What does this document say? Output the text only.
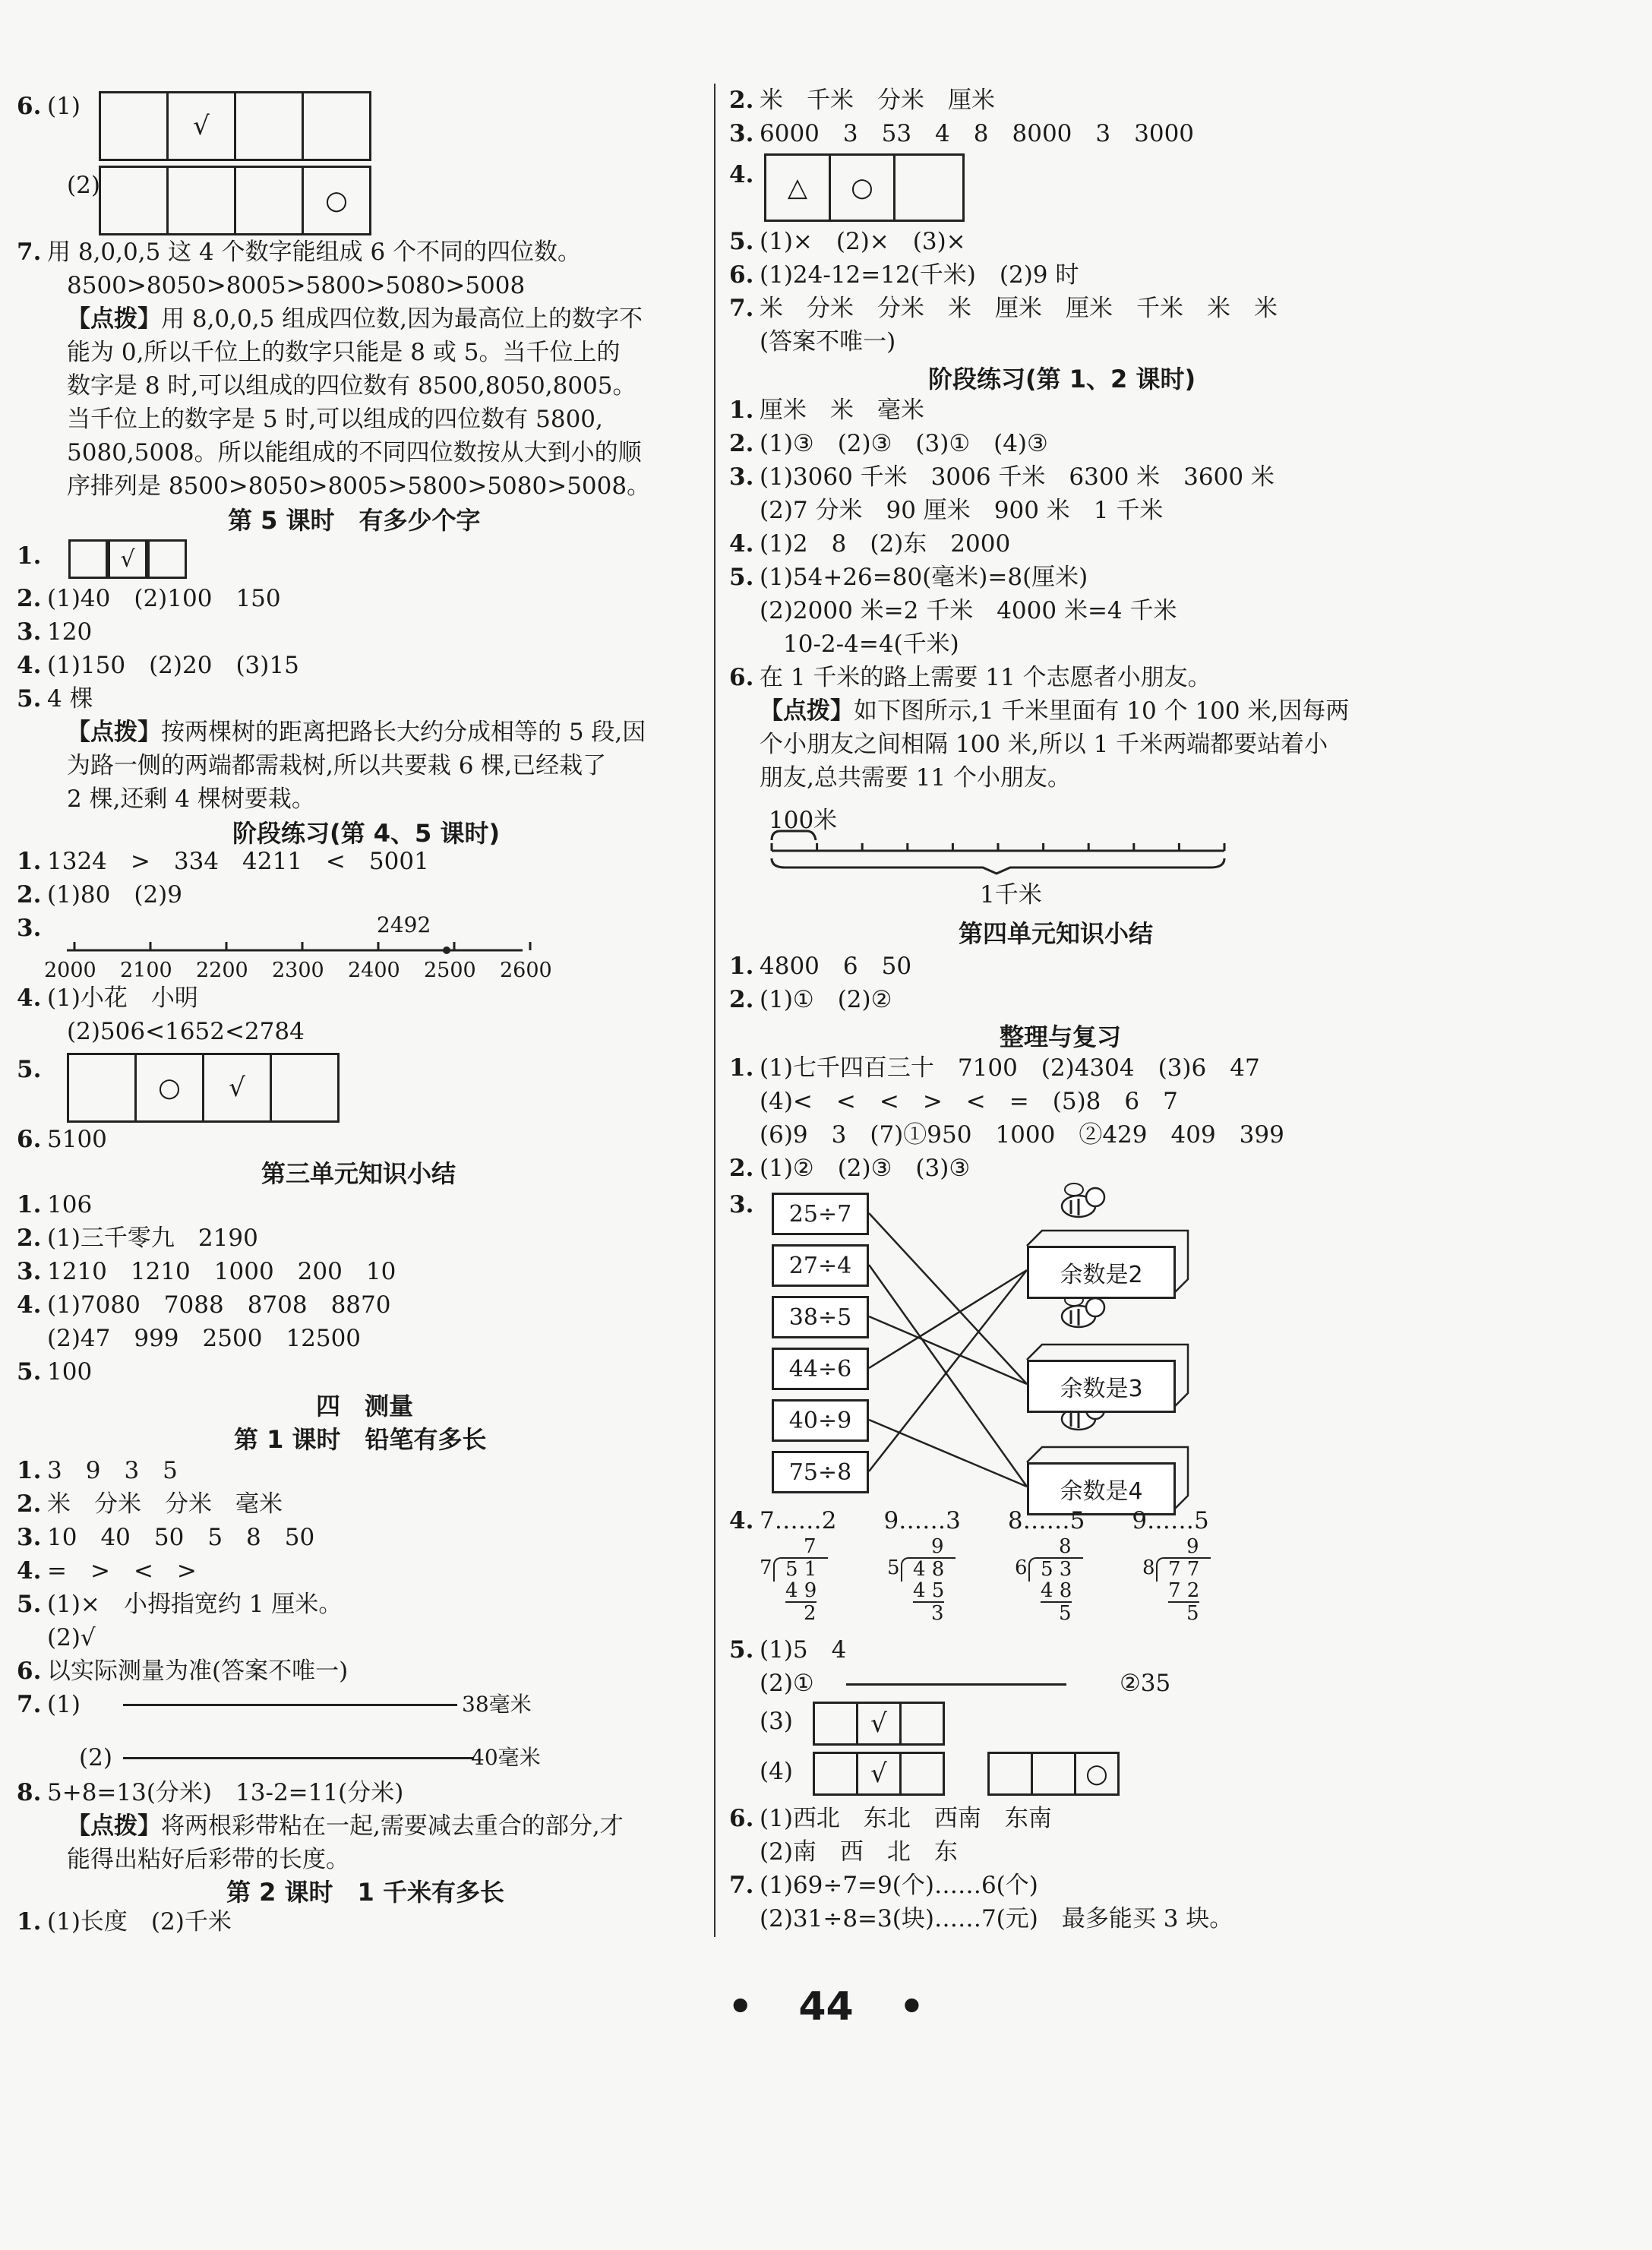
6. (1)
√
(2)	○
7. 用 8,0,0,5 这 4 个数字能组成 6 个不同的四位数。
8500>8050>8005>5800>5080>5008
【点拨】用 8,0,0,5 组成四位数,因为最高位上的数字不
能为 0,所以千位上的数字只能是 8 或 5。当千位上的
数字是 8 时,可以组成的四位数有 8500,8050,8005。
当千位上的数字是 5 时,可以组成的四位数有 5800,
5080,5008。所以能组成的不同四位数按从大到小的顺
序排列是 8500>8050>8005>5800>5080>5008。
第 5 课时　有多少个字
1.	√
2. (1)40　(2)100　150
3. 120
4. (1)150　(2)20　(3)15
5. 4 棵
【点拨】按两棵树的距离把路长大约分成相等的 5 段,因
为路一侧的两端都需栽树,所以共要栽 6 棵,已经栽了
2 棵,还剩 4 棵树要栽。
阶段练习(第 4、5 课时)
1. 1324　>　334　4211　<　5001
2. (1)80　(2)9
3.	2492
2000 2100 2200 2300 2400 2500 2600
4. (1)小花　小明
(2)506<1652<2784
5.
○	√
6. 5100
第三单元知识小结
1. 106
2. (1)三千零九　2190
3. 1210　1210　1000　200　10
4. (1)7080　7088　8708　8870
(2)47　999　2500　12500
5. 100
四　测量
第 1 课时　铅笔有多长
1. 3　9　3　5
2. 米　分米　分米　毫米
3. 10　40　50　5　8　50
4. =　>　<　>
5. (1)×　小拇指宽约 1 厘米。
(2)√
6. 以实际测量为准(答案不唯一)
7. (1)	38毫米
(2)	40毫米
8. 5+8=13(分米)　13-2=11(分米)
【点拨】将两根彩带粘在一起,需要减去重合的部分,才
能得出粘好后彩带的长度。
第 2 课时　1 千米有多长
1. (1)长度　(2)千米
2. 米　千米　分米　厘米
3. 6000　3　53　4　8　8000　3　3000
4.	△	○
5. (1)×　(2)×　(3)×
6. (1)24-12=12(千米)　(2)9 时
7. 米　分米　分米　米　厘米　厘米　千米　米　米
(答案不唯一)
阶段练习(第 1、2 课时)
1. 厘米　米　毫米
2. (1)③　(2)③　(3)①　(4)③
3. (1)3060 千米　3006 千米　6300 米　3600 米
(2)7 分米　90 厘米　900 米　1 千米
4. (1)2　8　(2)东　2000
5. (1)54+26=80(毫米)=8(厘米)
(2)2000 米=2 千米　4000 米=4 千米
　10-2-4=4(千米)
6. 在 1 千米的路上需要 11 个志愿者小朋友。
【点拨】如下图所示,1 千米里面有 10 个 100 米,因每两
个小朋友之间相隔 100 米,所以 1 千米两端都要站着小
朋友,总共需要 11 个小朋友。
100米
1千米
第四单元知识小结
1. 4800　6　50
2. (1)①　(2)②
整理与复习
1. (1)七千四百三十　7100　(2)4304　(3)6　47
(4)<　<　<　>　<　=　(5)8　6　7
(6)9　3　(7)①950　1000　②429　409　399
2. (1)②　(2)③　(3)③
3.	25÷7
27÷4
38÷5
44÷6
40÷9
75÷8
余数是2
余数是3
余数是4
4. 7……2　　9……3　　8……5　　9……5
7
7 5 1
4 9
2
9
5 4 8
4 5
3
8
6 5 3
4 8
5
9
8 7 7
7 2
5
5. (1)5　4
(2)①	②35
(3)	√
(4)	√	○
6. (1)西北　东北　西南　东南
(2)南　西　北　东
7. (1)69÷7=9(个)……6(个)
(2)31÷8=3(块)……7(元)　最多能买 3 块。
• 44 •
